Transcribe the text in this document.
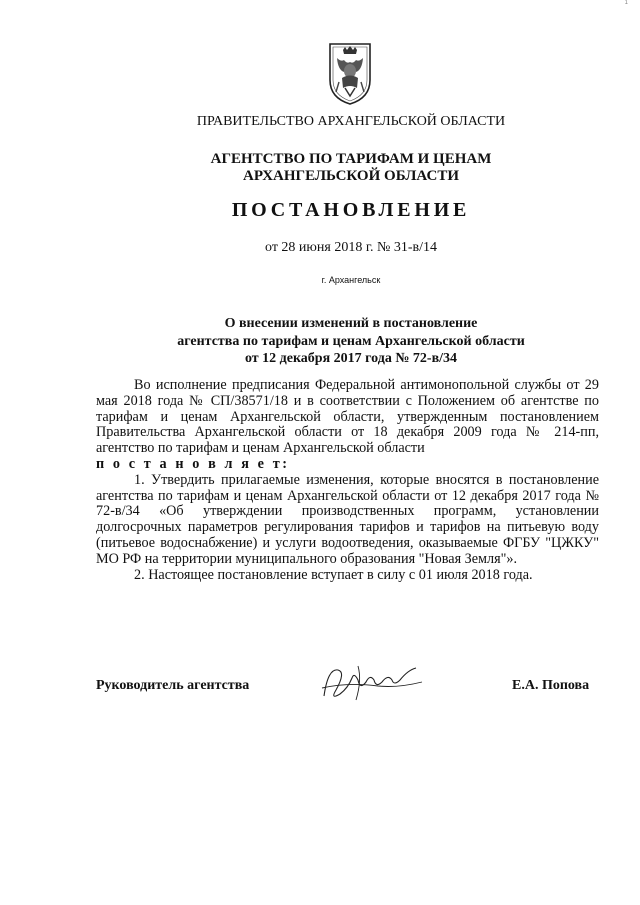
1
ПРАВИТЕЛЬСТВО АРХАНГЕЛЬСКОЙ ОБЛАСТИ
АГЕНТСТВО ПО ТАРИФАМ И ЦЕНАМ
АРХАНГЕЛЬСКОЙ ОБЛАСТИ
ПОСТАНОВЛЕНИЕ
от 28 июня 2018 г. № 31-в/14
г. Архангельск
О внесении изменений в постановление
агентства по тарифам и ценам Архангельской области
от 12 декабря 2017 года № 72-в/34

Во исполнение предписания Федеральной антимонопольной службы от 29 мая 2018 года № СП/38571/18 и в соответствии с Положением об агентстве по тарифам и ценам Архангельской области, утвержденным постановлением Правительства Архангельской области от 18 декабря 2009 года № 214-пп, агентство по тарифам и ценам Архангельской области

п о с т а н о в л я е т:

1. Утвердить прилагаемые изменения, которые вносятся в постановление агентства по тарифам и ценам Архангельской области от 12 декабря 2017 года № 72-в/34 «Об утверждении производственных программ, установлении долгосрочных параметров регулирования тарифов и тарифов на питьевую воду (питьевое водоснабжение) и услуги водоотведения, оказываемые ФГБУ "ЦЖКУ" МО РФ на территории муниципального образования "Новая Земля"».

2. Настоящее постановление вступает в силу с 01 июля 2018 года.

Руководитель агентства	Е.А. Попова
